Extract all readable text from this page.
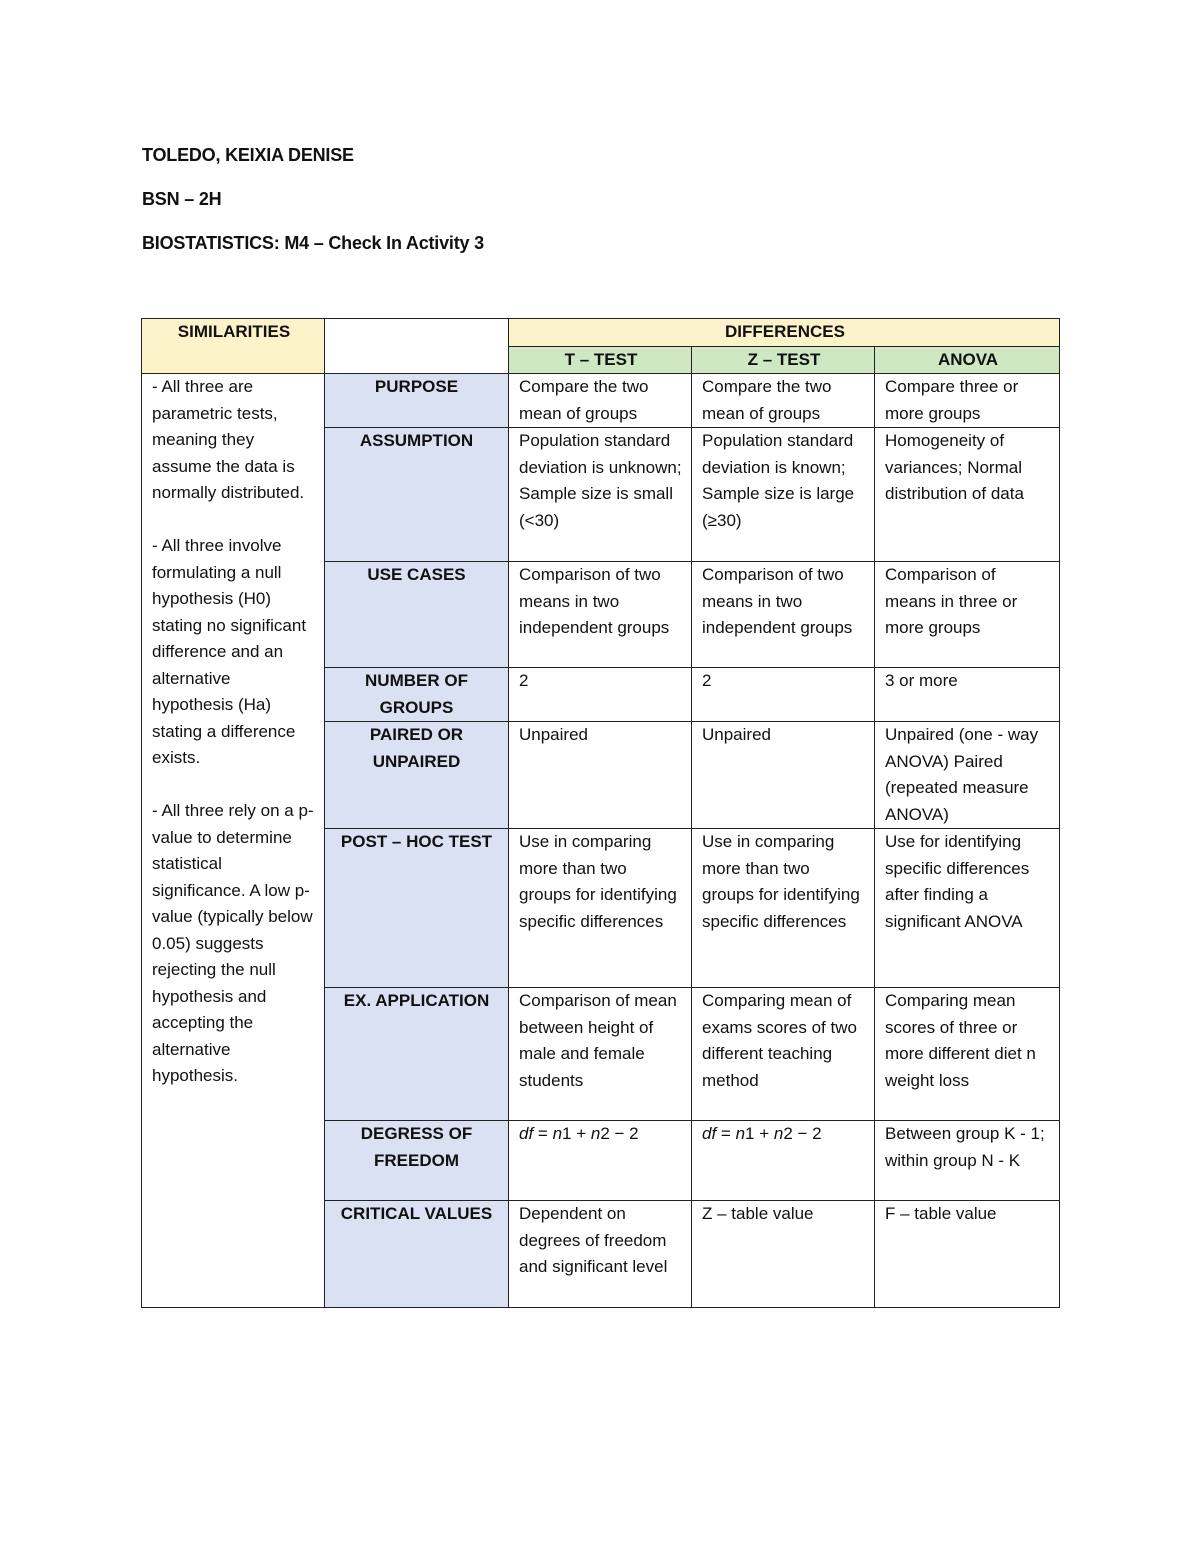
TOLEDO, KEIXIA DENISE
BSN – 2H
BIOSTATISTICS: M4 – Check In Activity 3
SIMILARITIES		DIFFERENCES		
		T – TEST	Z – TEST	ANOVA

- All three are parametric tests, meaning they assume the data is normally distributed.

- All three involve formulating a null hypothesis (H0) stating no significant difference and an alternative hypothesis (Ha) stating a difference exists.

- All three rely on a p-value to determine statistical significance. A low p-value (typically below 0.05) suggests rejecting the null hypothesis and accepting the alternative hypothesis.	PURPOSE	Compare the two mean of groups	Compare the two mean of groups	Compare three or more groups
	ASSUMPTION	Population standard deviation is unknown; Sample size is small (<30)	Population standard deviation is known; Sample size is large (≥30)	Homogeneity of variances; Normal distribution of data
	USE CASES	Comparison of two means in two independent groups	Comparison of two means in two independent groups	Comparison of means in three or more groups
	NUMBER OF GROUPS	2	2	3 or more
	PAIRED OR UNPAIRED	Unpaired	Unpaired	Unpaired (one - way ANOVA) Paired (repeated measure ANOVA)
	POST – HOC TEST	Use in comparing more than two groups for identifying specific differences	Use in comparing more than two groups for identifying specific differences	Use for identifying specific differences after finding a significant ANOVA
	EX. APPLICATION	Comparison of mean between height of male and female students	Comparing mean of exams scores of two different teaching method	Comparing mean scores of three or more different diet n weight loss
	DEGRESS OF FREEDOM	df = n1 + n2 − 2	df = n1 + n2 − 2	Between group K - 1; within group N - K
	CRITICAL VALUES	Dependent on degrees of freedom and significant level	Z – table value	F – table value
